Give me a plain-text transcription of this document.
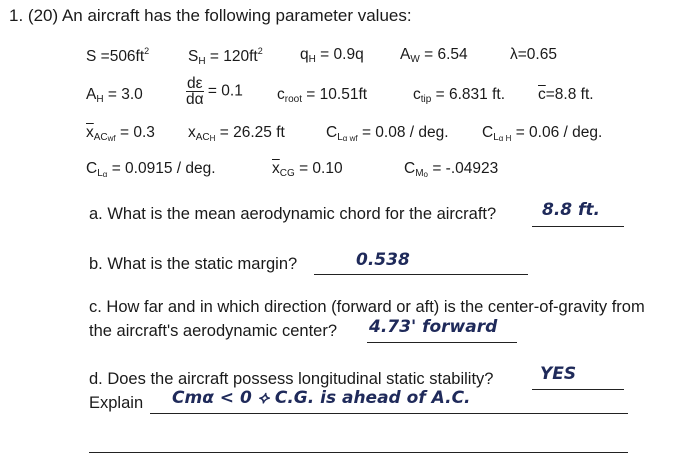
1. (20) An aircraft has the following parameter values:
$S =506ft^2$	$S_H = 120ft^2$ $q_H = 0.9q$ $A_W = 6.54$	λ=0.65
$A_H = 3.0$	$\frac{d\varepsilon}{d\alpha} = 0.1$ $c_{root} = 10.51ft$	$c_{tip} = 6.831$ ft. $\overline{c}=8.8$ ft.
$\overline{x}_{ACwf} = 0.3$ $x_{ACH} = 26.25$ ft	$C_{L\alpha wf} = 0.08$ / deg. $C_{L\alpha H} = 0.06$ / deg.
$C_{L\alpha} = 0.0915$ / deg.	$\overline{x}_{CG} = 0.10$	$C_{Mo} = -.04923$
a. What is the mean aerodynamic chord for the aircraft?	8.8 ft.
b. What is the static margin?	0.538
c. How far and in which direction (forward or aft) is the center-of-gravity from
the aircraft's aerodynamic center? 4.73' forward
d. Does the aircraft possess longitudinal static stability?	YES
Explain Cmα < 0 ⟡ C.G. is ahead of A.C.
